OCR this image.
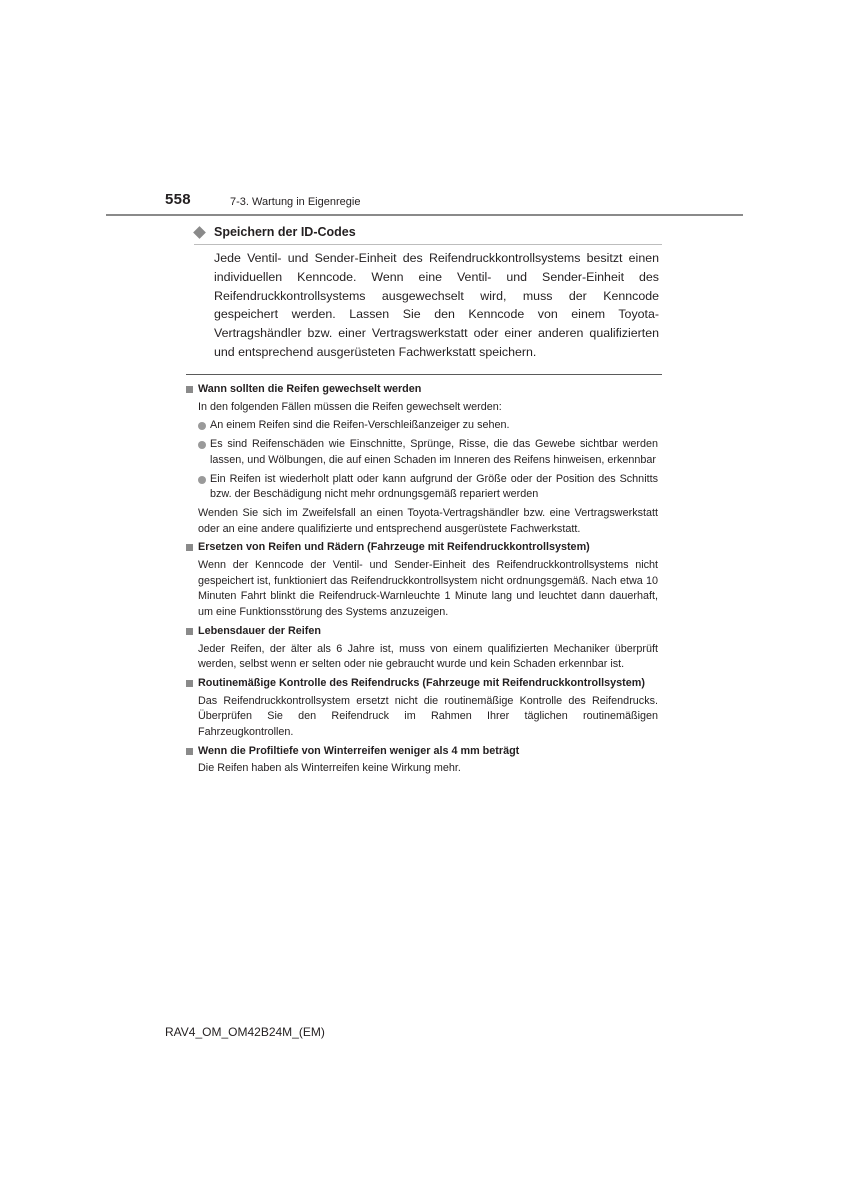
558	7-3. Wartung in Eigenregie
Speichern der ID-Codes
Jede Ventil- und Sender-Einheit des Reifendruckkontrollsystems besitzt einen individuellen Kenncode. Wenn eine Ventil- und Sender-Einheit des Reifendruckkontrollsystems ausgewechselt wird, muss der Kenncode gespeichert werden. Lassen Sie den Kenncode von einem Toyota-Vertragshändler bzw. einer Vertragswerkstatt oder einer anderen qualifizierten und entsprechend ausgerüsteten Fachwerkstatt speichern.
Wann sollten die Reifen gewechselt werden
In den folgenden Fällen müssen die Reifen gewechselt werden:
An einem Reifen sind die Reifen-Verschleißanzeiger zu sehen.
Es sind Reifenschäden wie Einschnitte, Sprünge, Risse, die das Gewebe sichtbar werden lassen, und Wölbungen, die auf einen Schaden im Inneren des Reifens hinweisen, erkennbar
Ein Reifen ist wiederholt platt oder kann aufgrund der Größe oder der Position des Schnitts bzw. der Beschädigung nicht mehr ordnungsgemäß repariert werden
Wenden Sie sich im Zweifelsfall an einen Toyota-Vertragshändler bzw. eine Vertragswerkstatt oder an eine andere qualifizierte und entsprechend ausgerüstete Fachwerkstatt.
Ersetzen von Reifen und Rädern (Fahrzeuge mit Reifendruckkontrollsystem)
Wenn der Kenncode der Ventil- und Sender-Einheit des Reifendruckkontrollsystems nicht gespeichert ist, funktioniert das Reifendruckkontrollsystem nicht ordnungsgemäß. Nach etwa 10 Minuten Fahrt blinkt die Reifendruck-Warnleuchte 1 Minute lang und leuchtet dann dauerhaft, um eine Funktionsstörung des Systems anzuzeigen.
Lebensdauer der Reifen
Jeder Reifen, der älter als 6 Jahre ist, muss von einem qualifizierten Mechaniker überprüft werden, selbst wenn er selten oder nie gebraucht wurde und kein Schaden erkennbar ist.
Routinemäßige Kontrolle des Reifendrucks (Fahrzeuge mit Reifendruckkontrollsystem)
Das Reifendruckkontrollsystem ersetzt nicht die routinemäßige Kontrolle des Reifendrucks. Überprüfen Sie den Reifendruck im Rahmen Ihrer täglichen routinemäßigen Fahrzeugkontrollen.
Wenn die Profiltiefe von Winterreifen weniger als 4 mm beträgt
Die Reifen haben als Winterreifen keine Wirkung mehr.
RAV4_OM_OM42B24M_(EM)
